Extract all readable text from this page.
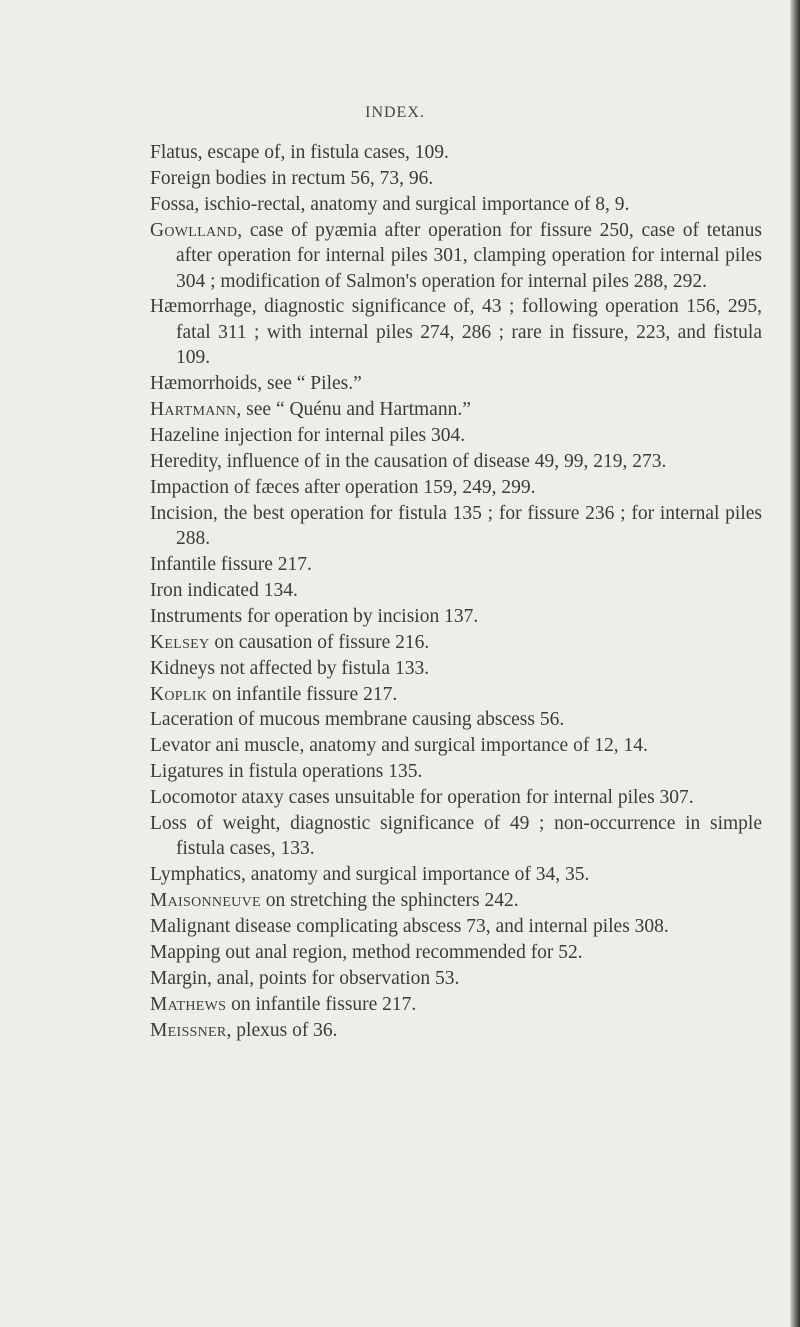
INDEX.

Flatus, escape of, in fistula cases, 109.

Foreign bodies in rectum 56, 73, 96.

Fossa, ischio-rectal, anatomy and surgical importance of 8, 9.

Gowlland, case of pyæmia after operation for fissure 250, case of tetanus after operation for internal piles 301, clamping operation for internal piles 304 ; modification of Salmon's operation for internal piles 288, 292.

Hæmorrhage, diagnostic significance of, 43 ; following operation 156, 295, fatal 311 ; with internal piles 274, 286 ; rare in fissure, 223, and fistula 109.

Hæmorrhoids, see “ Piles.”

Hartmann, see “ Quénu and Hartmann.”

Hazeline injection for internal piles 304.

Heredity, influence of in the causation of disease 49, 99, 219, 273.

Impaction of fæces after operation 159, 249, 299.

Incision, the best operation for fistula 135 ; for fissure 236 ; for internal piles 288.

Infantile fissure 217.

Iron indicated 134.

Instruments for operation by incision 137.

Kelsey on causation of fissure 216.

Kidneys not affected by fistula 133.

Koplik on infantile fissure 217.

Laceration of mucous membrane causing abscess 56.

Levator ani muscle, anatomy and surgical importance of 12, 14.

Ligatures in fistula operations 135.

Locomotor ataxy cases unsuitable for operation for internal piles 307.

Loss of weight, diagnostic significance of 49 ; non-occurrence in simple fistula cases, 133.

Lymphatics, anatomy and surgical importance of 34, 35.

Maisonneuve on stretching the sphincters 242.

Malignant disease complicating abscess 73, and internal piles 308.

Mapping out anal region, method recommended for 52.

Margin, anal, points for observation 53.

Mathews on infantile fissure 217.

Meissner, plexus of 36.
